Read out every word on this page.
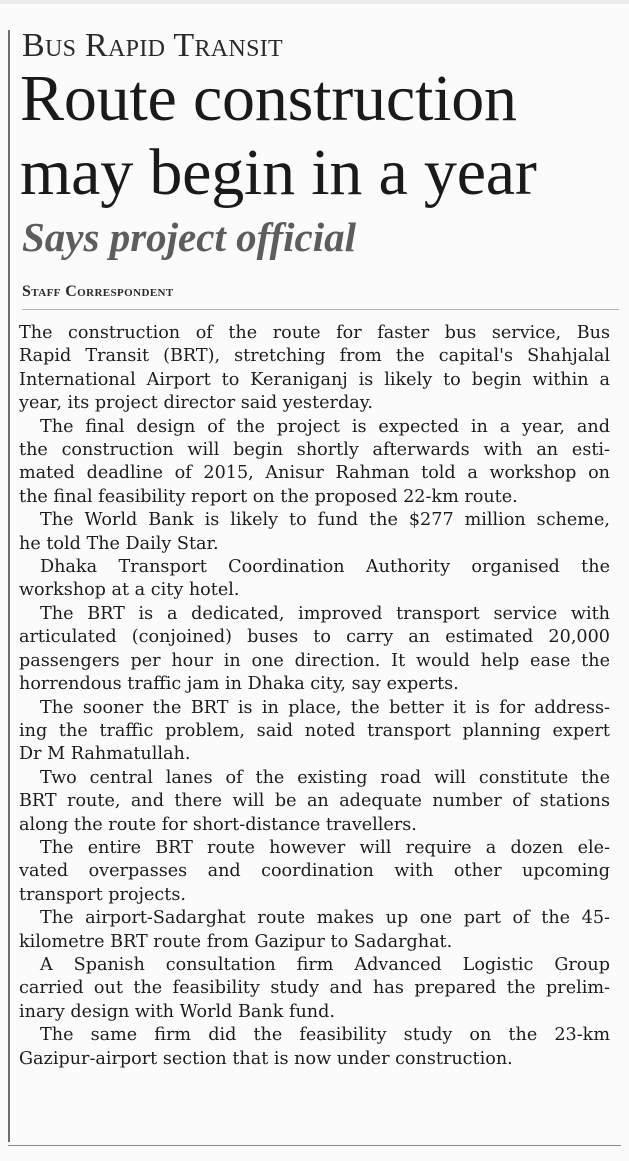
Bus Rapid Transit
Route construction
may begin in a year
Says project official
Staff Correspondent

The construction of the route for faster bus service, Bus
Rapid Transit (BRT), stretching from the capital's Shahjalal
International Airport to Keraniganj is likely to begin within a
year, its project director said yesterday.

The final design of the project is expected in a year, and
the construction will begin shortly afterwards with an esti-
mated deadline of 2015, Anisur Rahman told a workshop on
the final feasibility report on the proposed 22-km route.

The World Bank is likely to fund the $277 million scheme,
he told The Daily Star.

Dhaka Transport Coordination Authority organised the
workshop at a city hotel.

The BRT is a dedicated, improved transport service with
articulated (conjoined) buses to carry an estimated 20,000
passengers per hour in one direction. It would help ease the
horrendous traffic jam in Dhaka city, say experts.

The sooner the BRT is in place, the better it is for address-
ing the traffic problem, said noted transport planning expert
Dr M Rahmatullah.

Two central lanes of the existing road will constitute the
BRT route, and there will be an adequate number of stations
along the route for short-distance travellers.

The entire BRT route however will require a dozen ele-
vated overpasses and coordination with other upcoming
transport projects.

The airport-Sadarghat route makes up one part of the 45-
kilometre BRT route from Gazipur to Sadarghat.

A Spanish consultation firm Advanced Logistic Group
carried out the feasibility study and has prepared the prelim-
inary design with World Bank fund.

The same firm did the feasibility study on the 23-km
Gazipur-airport section that is now under construction.
